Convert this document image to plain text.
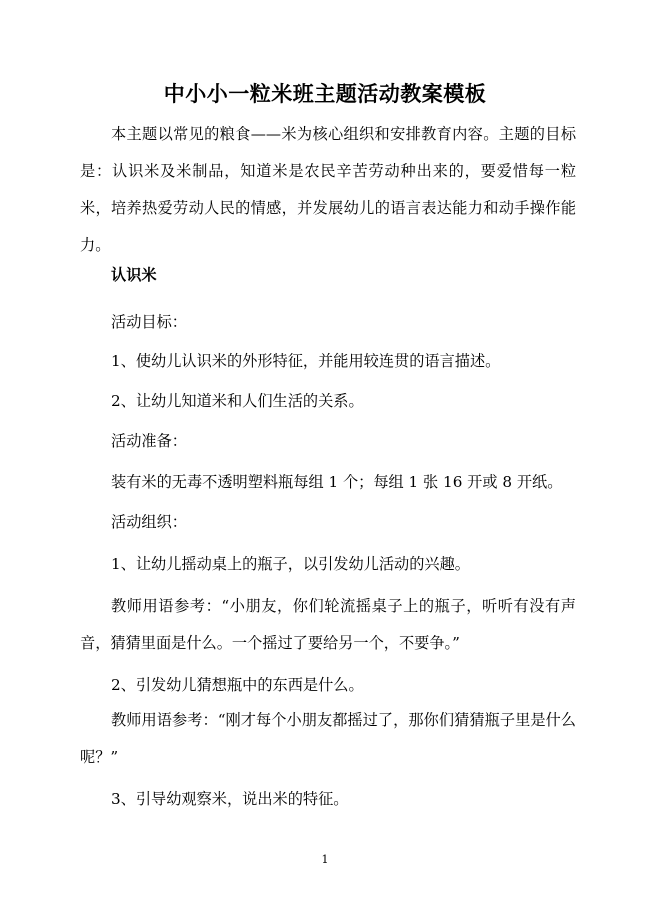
中小小一粒米班主题活动教案模板

本主题以常见的粮食——米为核心组织和安排教育内容。主题的目标是：认识米及米制品，知道米是农民辛苦劳动种出来的，要爱惜每一粒米，培养热爱劳动人民的情感，并发展幼儿的语言表达能力和动手操作能力。

认识米
活动目标：
1、使幼儿认识米的外形特征，并能用较连贯的语言描述。
2、让幼儿知道米和人们生活的关系。
活动准备：
装有米的无毒不透明塑料瓶每组 1 个；每组 1 张 16 开或 8 开纸。
活动组织：
1、让幼儿摇动桌上的瓶子，以引发幼儿活动的兴趣。

教师用语参考：“小朋友，你们轮流摇桌子上的瓶子，听听有没有声音，猜猜里面是什么。一个摇过了要给另一个，不要争。”

2、引发幼儿猜想瓶中的东西是什么。

教师用语参考：“刚才每个小朋友都摇过了，那你们猜猜瓶子里是什么呢？”

3、引导幼观察米，说出米的特征。
1
